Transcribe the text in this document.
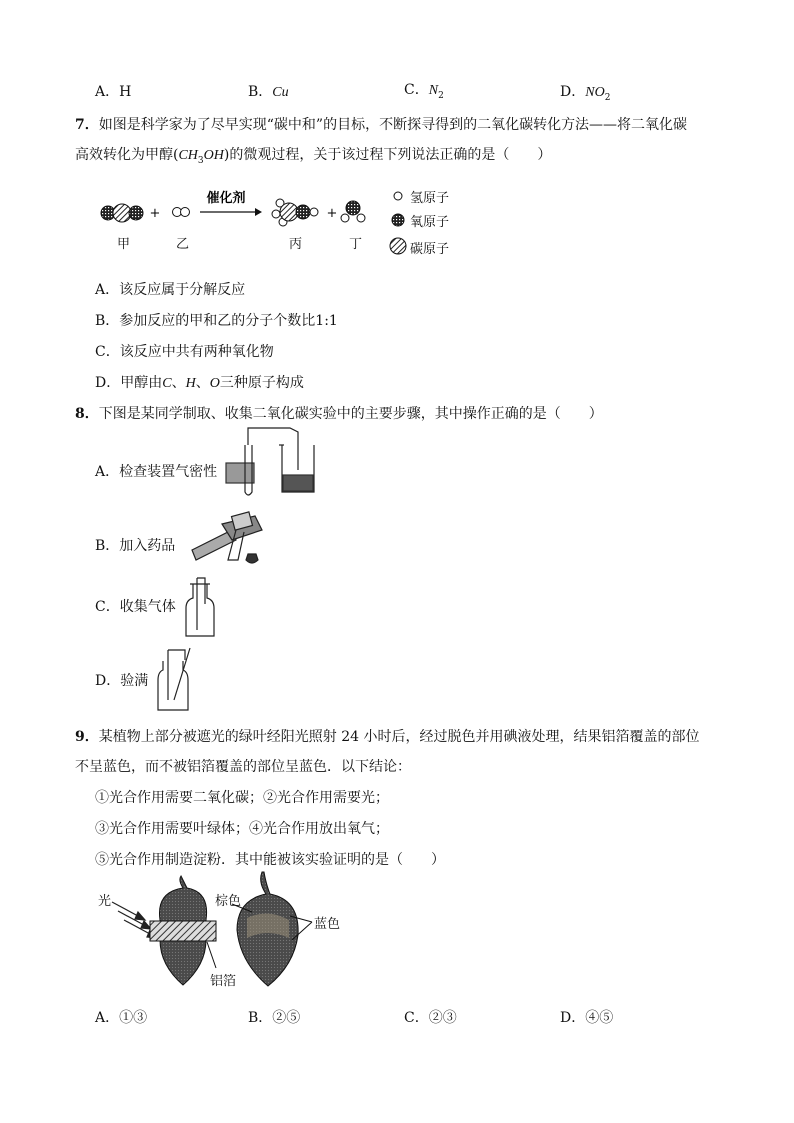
A．H	B．Cu	C．$N_2$	D．$NO_2$
7．如图是科学家为了尽早实现“碳中和”的目标，不断探寻得到的二氧化碳转化方法——将二氧化碳
高效转化为甲醇$(CH_3OH)$的微观过程，关于该过程下列说法正确的是（　　）
+
催化剂
+
氢原子
氧原子
碳原子
甲	乙	丙	丁
A．该反应属于分解反应
B．参加反应的甲和乙的分子个数比1:1
C．该反应中共有两种氧化物
D．甲醇由C、H、O三种原子构成
8．下图是某同学制取、收集二氧化碳实验中的主要步骤，其中操作正确的是（　　）
A．检查装置气密性
B．加入药品
C．收集气体
D．验满
9．某植物上部分被遮光的绿叶经阳光照射 24 小时后，经过脱色并用碘液处理，结果铝箔覆盖的部位
不呈蓝色，而不被铝箔覆盖的部位呈蓝色．以下结论：
①光合作用需要二氧化碳；②光合作用需要光；
③光合作用需要叶绿体；④光合作用放出氧气；
⑤光合作用制造淀粉．其中能被该实验证明的是（　　）
光	棕色
蓝色
铝箔
A．①③	B．②⑤	C．②③	D．④⑤
